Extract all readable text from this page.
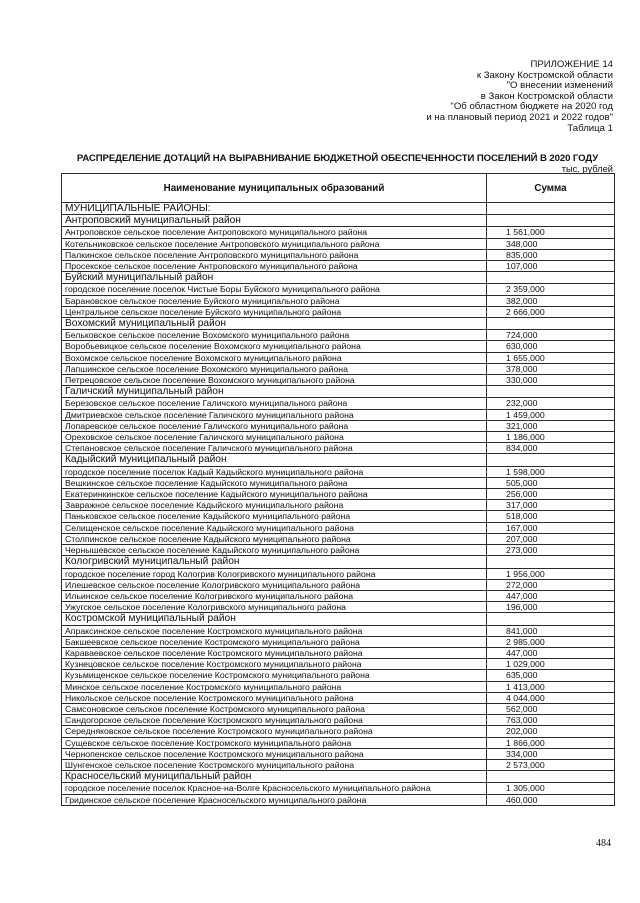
ПРИЛОЖЕНИЕ 14
к Закону Костромской области
"О внесении изменений
в Закон Костромской области
"Об областном бюджете на 2020 год
и на плановый период 2021 и 2022 годов"
Таблица 1
РАСПРЕДЕЛЕНИЕ ДОТАЦИЙ НА ВЫРАВНИВАНИЕ БЮДЖЕТНОЙ ОБЕСПЕЧЕННОСТИ ПОСЕЛЕНИЙ В 2020 ГОДУ
тыс. рублей
Наименование муниципальных образований	Сумма
МУНИЦИПАЛЬНЫЕ РАЙОНЫ:	
Антроповский муниципальный район	
Антроповское сельское поселение Антроповского муниципального района	1 561,000
Котельниковское сельское поселение Антроповского муниципального района	348,000
Палкинское сельское поселение Антроповского муниципального района	835,000
Просекское сельское поселение Антроповского муниципального района	107,000
Буйский муниципальный район	
городское поселение поселок Чистые Боры Буйского муниципального района	2 359,000
Барановское сельское поселение Буйского муниципального района	382,000
Центральное сельское поселение Буйского муниципального района	2 666,000
Вохомский муниципальный район	
Бельковское сельское поселение Вохомского муниципального района	724,000
Воробьевицкое сельское поселение Вохомского муниципального района	630,000
Вохомское сельское поселение Вохомского муниципального района	1 655,000
Лапшинское сельское поселение Вохомского муниципального района	378,000
Петрецовское сельское поселение Вохомского муниципального района	330,000
Галичский муниципальный район	
Березовское сельское поселение Галичского муниципального района	232,000
Дмитриевское сельское поселение Галичского муниципального района	1 459,000
Лопаревское сельское поселение Галичского муниципального района	321,000
Ореховское сельское поселение Галичского муниципального района	1 186,000
Степановское сельское поселение Галичского муниципального района	834,000
Кадыйский муниципальный район	
городское поселение поселок Кадый Кадыйского муниципального района	1 598,000
Вешкинское сельское поселение Кадыйского муниципального района	505,000
Екатеринкинское сельское поселение Кадыйского муниципального района	256,000
Завражное сельское поселение Кадыйского муниципального района	317,000
Паньковское сельское поселение Кадыйского муниципального района	518,000
Селищенское сельское поселение Кадыйского муниципального района	167,000
Столпинское сельское поселение Кадыйского муниципального района	207,000
Чернышевское сельское поселение Кадыйского муниципального района	273,000
Кологривский муниципальный район	
городское поселение город Кологрив Кологривского муниципального района	1 956,000
Илешевское сельское поселение Кологривского муниципального района	272,000
Ильинское сельское поселение Кологривского муниципального района	447,000
Ужугское сельское поселение Кологривского муниципального района	196,000
Костромской муниципальный район	
Апраксинское сельское поселение Костромского муниципального района	841,000
Бакшеевское сельское поселение Костромского муниципального района	2 985,000
Караваевское сельское поселение Костромского муниципального района	447,000
Кузнецовское сельское поселение Костромского муниципального района	1 029,000
Кузьмищенское сельское поселение Костромского муниципального района	635,000
Минское сельское поселение Костромского муниципального района	1 413,000
Никольское сельское поселение Костромского муниципального района	4 044,000
Самсоновское сельское поселение Костромского муниципального района	562,000
Сандогорское сельское поселение Костромского муниципального района	763,000
Середняковское сельское поселение Костромского муниципального района	202,000
Сущевское сельское поселение Костромского муниципального района	1 866,000
Чернопенское сельское поселение Костромского муниципального района	334,000
Шунгенское сельское поселение Костромского муниципального района	2 573,000
Красносельский муниципальный район	
городское поселение поселок Красное-на-Волге Красносельского муниципального района	1 305,000
Гридинское сельское поселение Красносельского муниципального района	460,000
484
